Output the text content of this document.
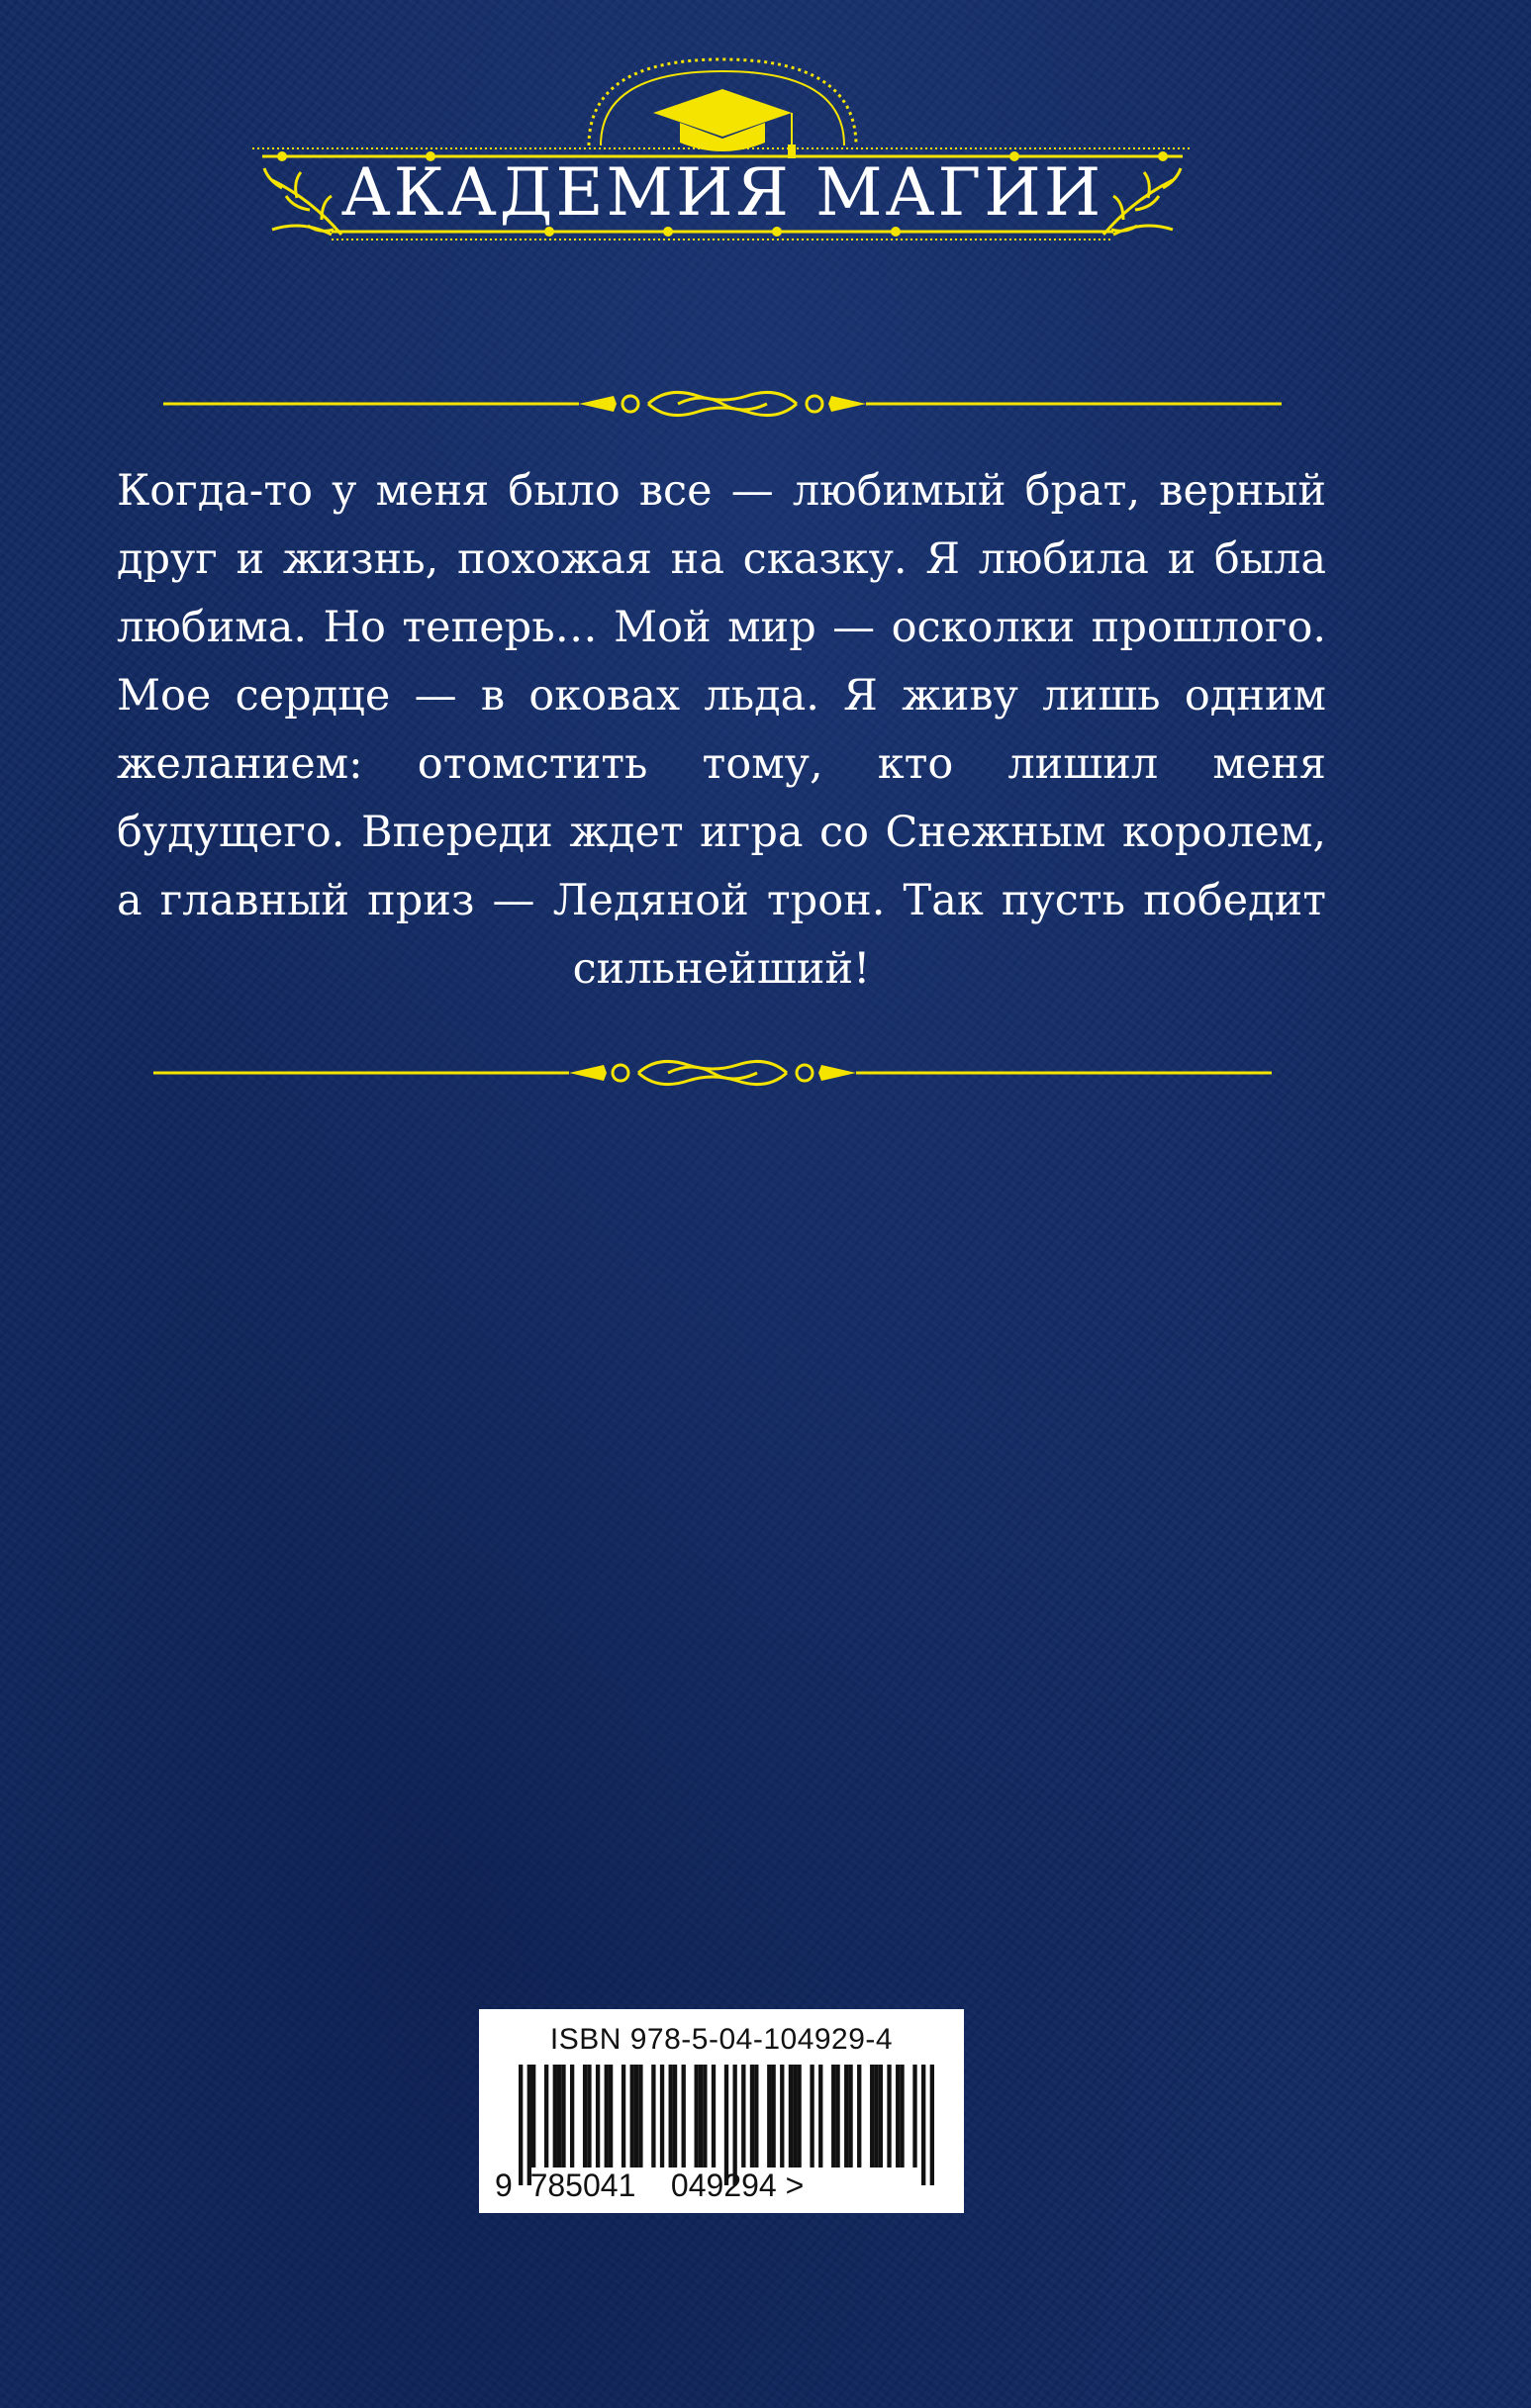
АКАДЕМИЯ МАГИИ
Когда-то у меня было все — любимый брат, верный друг и жизнь, похожая на сказку. Я любила и была любима. Но теперь… Мой мир — осколки прошлого. Мое сердце — в оковах льда. Я живу лишь одним желанием: отомстить тому, кто лишил меня будущего. Впереди ждет игра со Снежным королем, а главный приз — Ледяной трон. Так пусть победит сильнейший!
ISBN 978-5-04-104929-4
9 785041 049294 >
